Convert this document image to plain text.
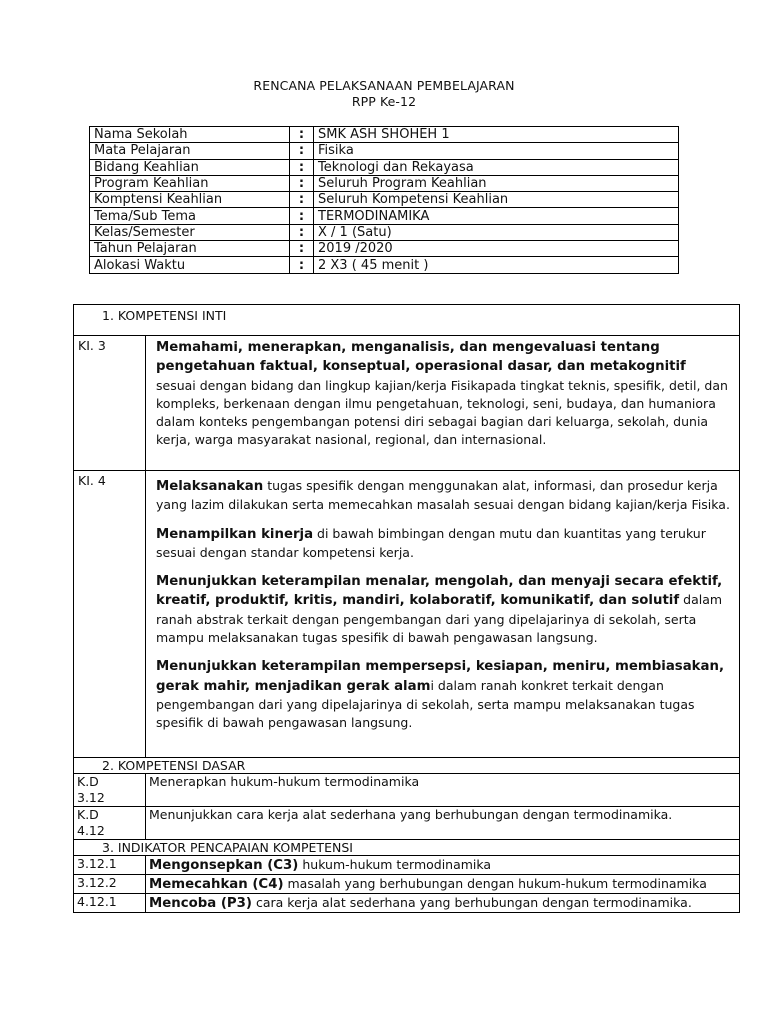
RENCANA PELAKSANAAN PEMBELAJARAN
RPP Ke-12
Nama Sekolah	:	SMK ASH SHOHEH 1
Mata Pelajaran	:	Fisika
Bidang Keahlian	:	Teknologi dan Rekayasa
Program Keahlian	:	Seluruh Program Keahlian
Komptensi Keahlian	:	Seluruh Kompetensi Keahlian
Tema/Sub Tema	:	TERMODINAMIKA
Kelas/Semester	:	X / 1 (Satu)
Tahun Pelajaran	:	2019 /2020
Alokasi Waktu	:	2 X3 ( 45 menit )
1. KOMPETENSI INTI	
KI. 3	Memahami, menerapkan, menganalisis, dan mengevaluasi tentang pengetahuan faktual, konseptual, operasional dasar, dan metakognitif
sesuai dengan bidang dan lingkup kajian/kerja Fisikapada tingkat teknis, spesifik, detil, dan kompleks, berkenaan dengan ilmu pengetahuan, teknologi, seni, budaya, dan humaniora dalam konteks pengembangan potensi diri sebagai bagian dari keluarga, sekolah, dunia kerja, warga masyarakat nasional, regional, dan internasional.

KI. 4	Melaksanakan tugas spesifik dengan menggunakan alat, informasi, dan prosedur kerja yang lazim dilakukan serta memecahkan masalah sesuai dengan bidang kajian/kerja Fisika.

Menampilkan kinerja di bawah bimbingan dengan mutu dan kuantitas yang terukur sesuai dengan standar kompetensi kerja.

Menunjukkan keterampilan menalar, mengolah, dan menyaji secara efektif, kreatif, produktif, kritis, mandiri, kolaboratif, komunikatif, dan solutif dalam ranah abstrak terkait dengan pengembangan dari yang dipelajarinya di sekolah, serta mampu melaksanakan tugas spesifik di bawah pengawasan langsung.

Menunjukkan keterampilan mempersepsi, kesiapan, meniru, membiasakan, gerak mahir, menjadikan gerak alami dalam ranah konkret terkait dengan pengembangan dari yang dipelajarinya di sekolah, serta mampu melaksanakan tugas spesifik di bawah pengawasan langsung.

2. KOMPETENSI DASAR	
K.D
3.12	Menerapkan hukum-hukum termodinamika
K.D
4.12	Menunjukkan cara kerja alat sederhana yang berhubungan dengan termodinamika.
3. INDIKATOR PENCAPAIAN KOMPETENSI	
3.12.1	Mengonsepkan (C3) hukum-hukum termodinamika
3.12.2	Memecahkan (C4) masalah yang berhubungan dengan hukum-hukum termodinamika
4.12.1	Mencoba (P3) cara kerja alat sederhana yang berhubungan dengan termodinamika.
